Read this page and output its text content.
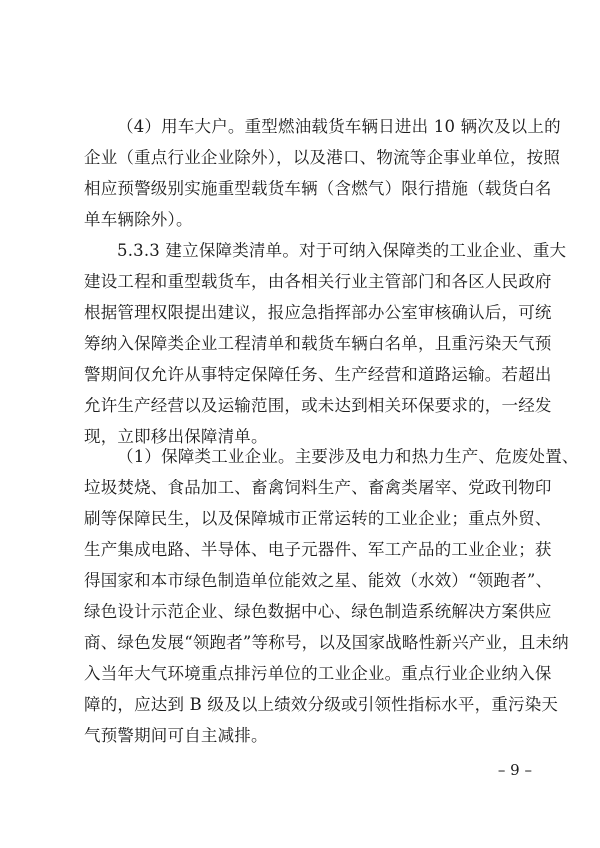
（4）用车大户。重型燃油载货车辆日进出 10 辆次及以上的
企业（重点行业企业除外），以及港口、物流等企事业单位，按照
相应预警级别实施重型载货车辆（含燃气）限行措施（载货白名
单车辆除外）。
5.3.3 建立保障类清单。对于可纳入保障类的工业企业、重大
建设工程和重型载货车，由各相关行业主管部门和各区人民政府
根据管理权限提出建议，报应急指挥部办公室审核确认后，可统
筹纳入保障类企业工程清单和载货车辆白名单，且重污染天气预
警期间仅允许从事特定保障任务、生产经营和道路运输。若超出
允许生产经营以及运输范围，或未达到相关环保要求的，一经发
现，立即移出保障清单。
（1）保障类工业企业。主要涉及电力和热力生产、危废处置、
垃圾焚烧、食品加工、畜禽饲料生产、畜禽类屠宰、党政刊物印
刷等保障民生，以及保障城市正常运转的工业企业；重点外贸、
生产集成电路、半导体、电子元器件、军工产品的工业企业；获
得国家和本市绿色制造单位能效之星、能效（水效）“领跑者”、
绿色设计示范企业、绿色数据中心、绿色制造系统解决方案供应
商、绿色发展“领跑者”等称号，以及国家战略性新兴产业，且未纳
入当年大气环境重点排污单位的工业企业。重点行业企业纳入保
障的，应达到 B 级及以上绩效分级或引领性指标水平，重污染天
气预警期间可自主减排。
– 9 –
